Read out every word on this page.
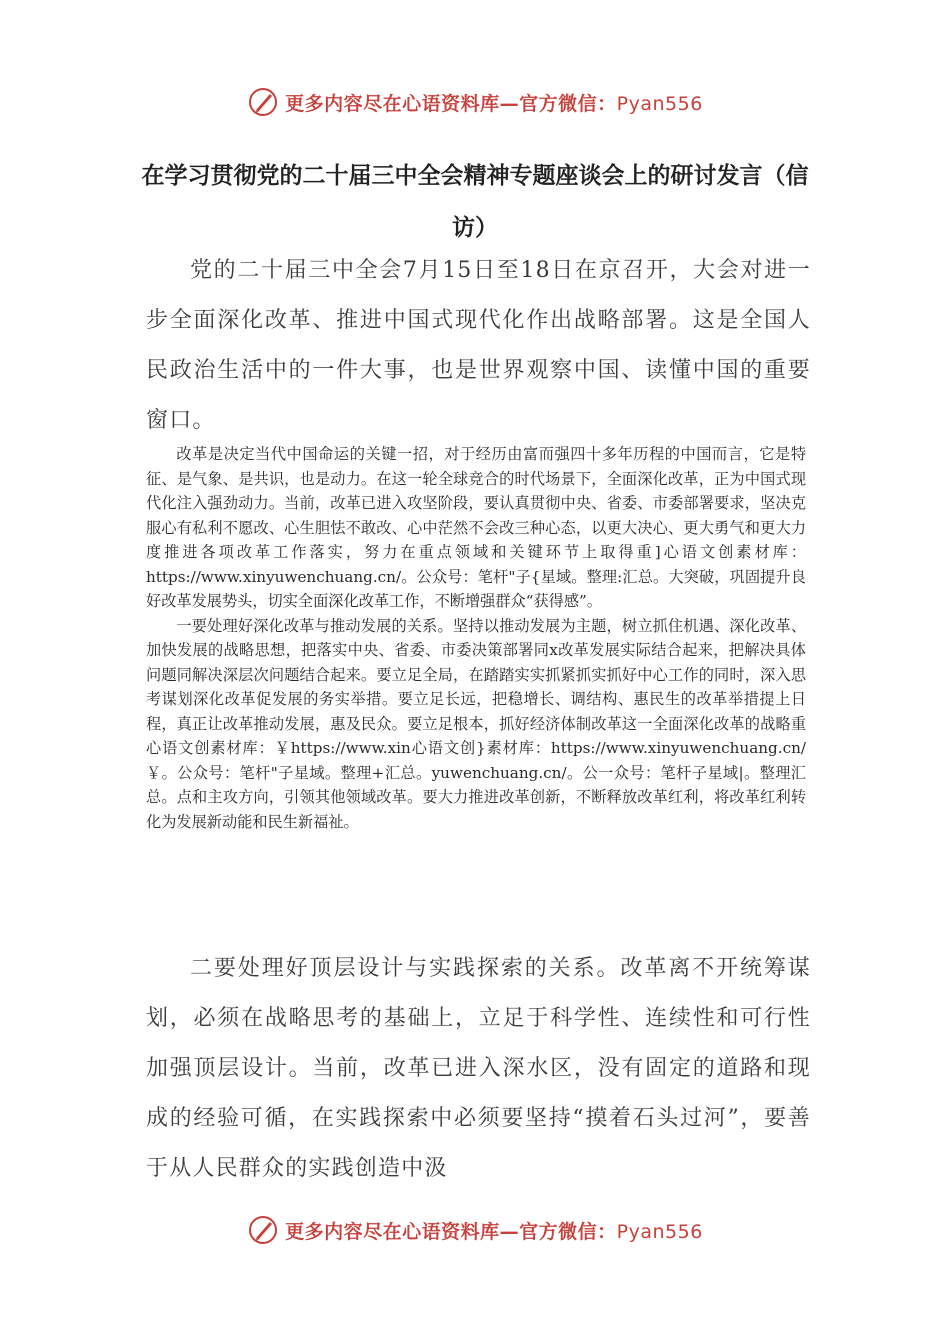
更多内容尽在心语资料库—官方微信：Pyan556
在学习贯彻党的二十届三中全会精神专题座谈会上的研讨发言（信访）
党的二十届三中全会7月15日至18日在京召开，大会对进一步全面深化改革、推进中国式现代化作出战略部署。这是全国人民政治生活中的一件大事，也是世界观察中国、读懂中国的重要窗口。

改革是决定当代中国命运的关键一招，对于经历由富而强四十多年历程的中国而言，它是特征、是气象、是共识，也是动力。在这一轮全球竞合的时代场景下，全面深化改革，正为中国式现代化注入强劲动力。当前，改革已进入攻坚阶段，要认真贯彻中央、省委、市委部署要求，坚决克服心有私利不愿改、心生胆怯不敢改、心中茫然不会改三种心态，以更大决心、更大勇气和更大力度推进各项改革工作落实，努力在重点领域和关键环节上取得重]心语文创素材库：https://www.xinyuwenchuang.cn/。公众号：笔杆"子{星域。整理:汇总。大突破，巩固提升良好改革发展势头，切实全面深化改革工作，不断增强群众“获得感”。

一要处理好深化改革与推动发展的关系。坚持以推动发展为主题，树立抓住机遇、深化改革、加快发展的战略思想，把落实中央、省委、市委决策部署同x改革发展实际结合起来，把解决具体问题同解决深层次问题结合起来。要立足全局，在踏踏实实抓紧抓实抓好中心工作的同时，深入思考谋划深化改革促发展的务实举措。要立足长远，把稳增长、调结构、惠民生的改革举措提上日程，真正让改革推动发展，惠及民众。要立足根本，抓好经济体制改革这一全面深化改革的战略重心语文创素材库：￥https://www.xin心语文创}素材库：https://www.xinyuwenchuang.cn/￥。公众号：笔杆"子星域。整理+汇总。yuwenchuang.cn/。公一众号：笔杆子星域|。整理汇总。点和主攻方向，引领其他领域改革。要大力推进改革创新，不断释放改革红利，将改革红利转化为发展新动能和民生新福祉。

二要处理好顶层设计与实践探索的关系。改革离不开统筹谋划，必须在战略思考的基础上，立足于科学性、连续性和可行性加强顶层设计。当前，改革已进入深水区，没有固定的道路和现成的经验可循，在实践探索中必须要坚持“摸着石头过河”，要善于从人民群众的实践创造中汲
更多内容尽在心语资料库—官方微信：Pyan556
